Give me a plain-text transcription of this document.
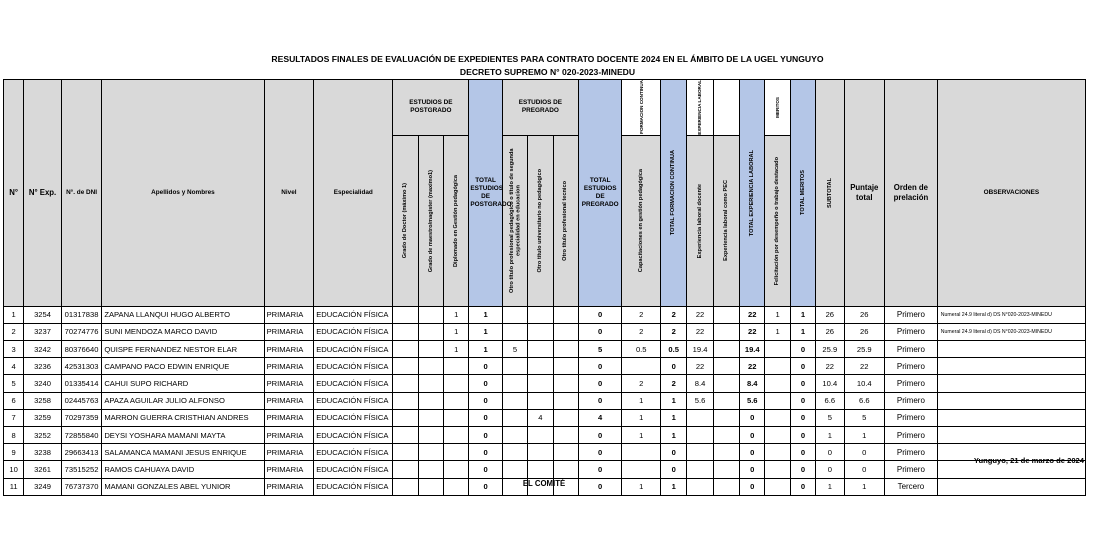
RESULTADOS FINALES DE EVALUACIÓN DE EXPEDIENTES PARA CONTRATO DOCENTE 2024 EN EL ÁMBITO DE LA UGEL YUNGUYO
DECRETO SUPREMO N° 020-2023-MINEDU
N°	N° Exp.	N°. de DNI	Apellidos y Nombres	Nivel	Especialidad	ESTUDIOS DE POSTGRADO			TOTAL ESTUDIOS DE POSTGRADO	ESTUDIOS DE PREGRADO			TOTAL ESTUDIOS DE PREGRADO	FORMACION CONTINUA	TOTAL FORMACION CONTINUA	EXPERIENCIA LABORAL		TOTAL EXPERIENCIA LABORAL	MERITOS	TOTAL MERITOS	SUBTOTAL	Puntaje total	Orden de prelación	OBSERVACIONES

						Grado de Doctor (máximo 1)	Grado de maestro/magister (maximo1)	Diplomado en Gestión pedagógica		Otro título profesional pedagógico o título de segunda especialidad en educacion	Otro título universitario no pedagógico	Otro título profesional tecnico		Capacitaciones en gestión pedagógica		Experiencia laboral docente	Experiencia laboral como PEC		Felicitación por desempeño o trabajo destacado					

1	3254	01317838	ZAPANA LLANQUI HUGO ALBERTO	PRIMARIA	EDUCACIÓN FÍSICA			1	1				0	2	2	22		22	1	1	26	26	Primero	Numeral 24.9 literal d) DS N°020-2023-MINEDU
2	3237	70274776	SUNI MENDOZA MARCO DAVID	PRIMARIA	EDUCACIÓN FÍSICA			1	1				0	2	2	22		22	1	1	26	26	Primero	Numeral 24.9 literal d) DS N°020-2023-MINEDU
3	3242	80376640	QUISPE FERNANDEZ NESTOR ELAR	PRIMARIA	EDUCACIÓN FÍSICA			1	1	5			5	0.5	0.5	19.4		19.4		0	25.9	25.9	Primero	
4	3236	42531303	CAMPANO PACO EDWIN ENRIQUE	PRIMARIA	EDUCACIÓN FÍSICA				0				0		0	22		22		0	22	22	Primero	
5	3240	01335414	CAHUI SUPO RICHARD	PRIMARIA	EDUCACIÓN FÍSICA				0				0	2	2	8.4		8.4		0	10.4	10.4	Primero	
6	3258	02445763	APAZA AGUILAR JULIO ALFONSO	PRIMARIA	EDUCACIÓN FÍSICA				0				0	1	1	5.6		5.6		0	6.6	6.6	Primero	
7	3259	70297359	MARRON GUERRA CRISTHIAN ANDRES	PRIMARIA	EDUCACIÓN FÍSICA				0		4		4	1	1			0		0	5	5	Primero	
8	3252	72855840	DEYSI YOSHARA MAMANI MAYTA	PRIMARIA	EDUCACIÓN FÍSICA				0				0	1	1			0		0	1	1	Primero	
9	3238	29663413	SALAMANCA MAMANI JESUS ENRIQUE	PRIMARIA	EDUCACIÓN FÍSICA				0				0		0			0		0	0	0	Primero	
10	3261	73515252	RAMOS CAHUAYA DAVID	PRIMARIA	EDUCACIÓN FÍSICA				0				0		0			0		0	0	0	Primero	
11	3249	76737370	MAMANI GONZALES ABEL YUNIOR	PRIMARIA	EDUCACIÓN FÍSICA				0				0	1	1			0		0	1	1	Tercero	
Yunguyo, 21 de marzo de 2024
EL COMITÉ
